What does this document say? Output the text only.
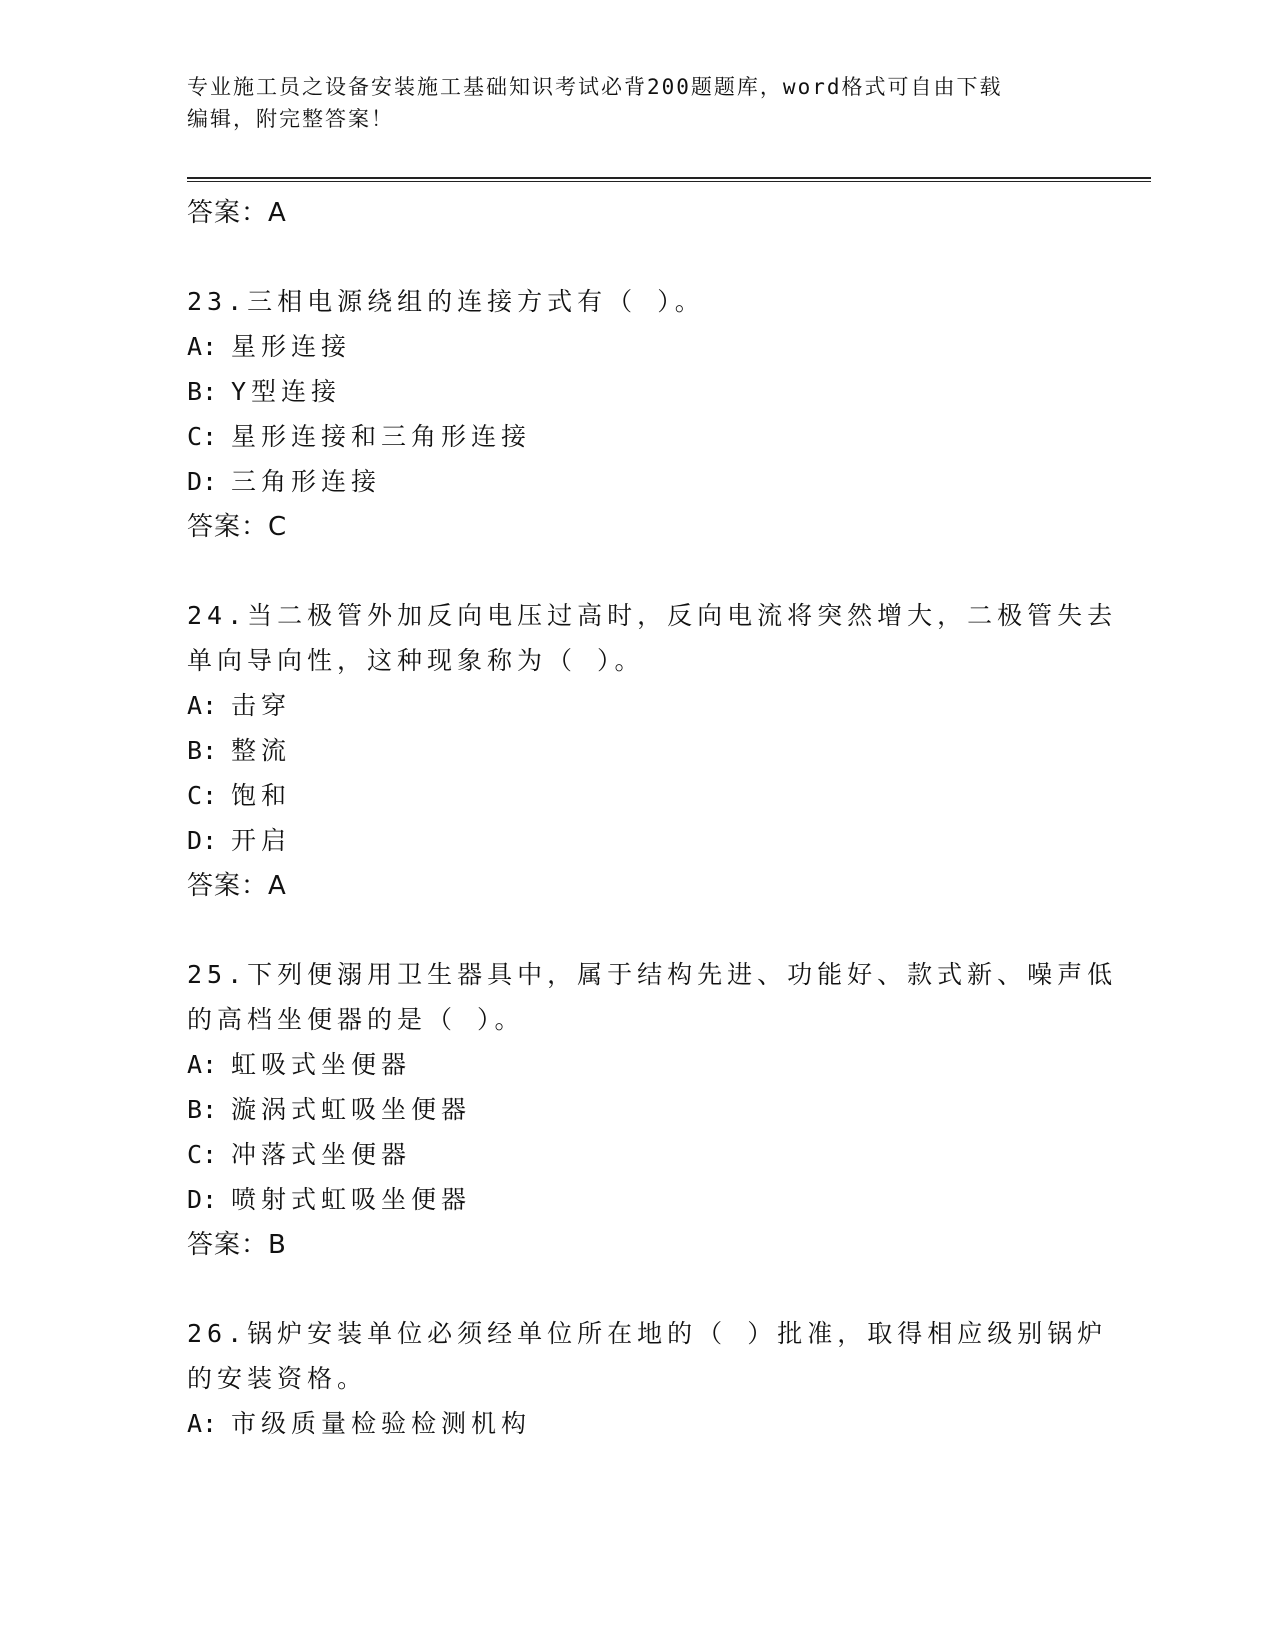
专业施工员之设备安装施工基础知识考试必背200题题库，word格式可自由下载
编辑，附完整答案！
答案：A
23.三相电源绕组的连接方式有（ ）。
A: 星形连接
B: Y型连接
C: 星形连接和三角形连接
D: 三角形连接
答案：C
24.当二极管外加反向电压过高时，反向电流将突然增大，二极管失去
单向导向性，这种现象称为（ ）。
A: 击穿
B: 整流
C: 饱和
D: 开启
答案：A
25.下列便溺用卫生器具中，属于结构先进、功能好、款式新、噪声低
的高档坐便器的是（ ）。
A: 虹吸式坐便器
B: 漩涡式虹吸坐便器
C: 冲落式坐便器
D: 喷射式虹吸坐便器
答案：B
26.锅炉安装单位必须经单位所在地的（ ）批准，取得相应级别锅炉
的安装资格。
A: 市级质量检验检测机构
